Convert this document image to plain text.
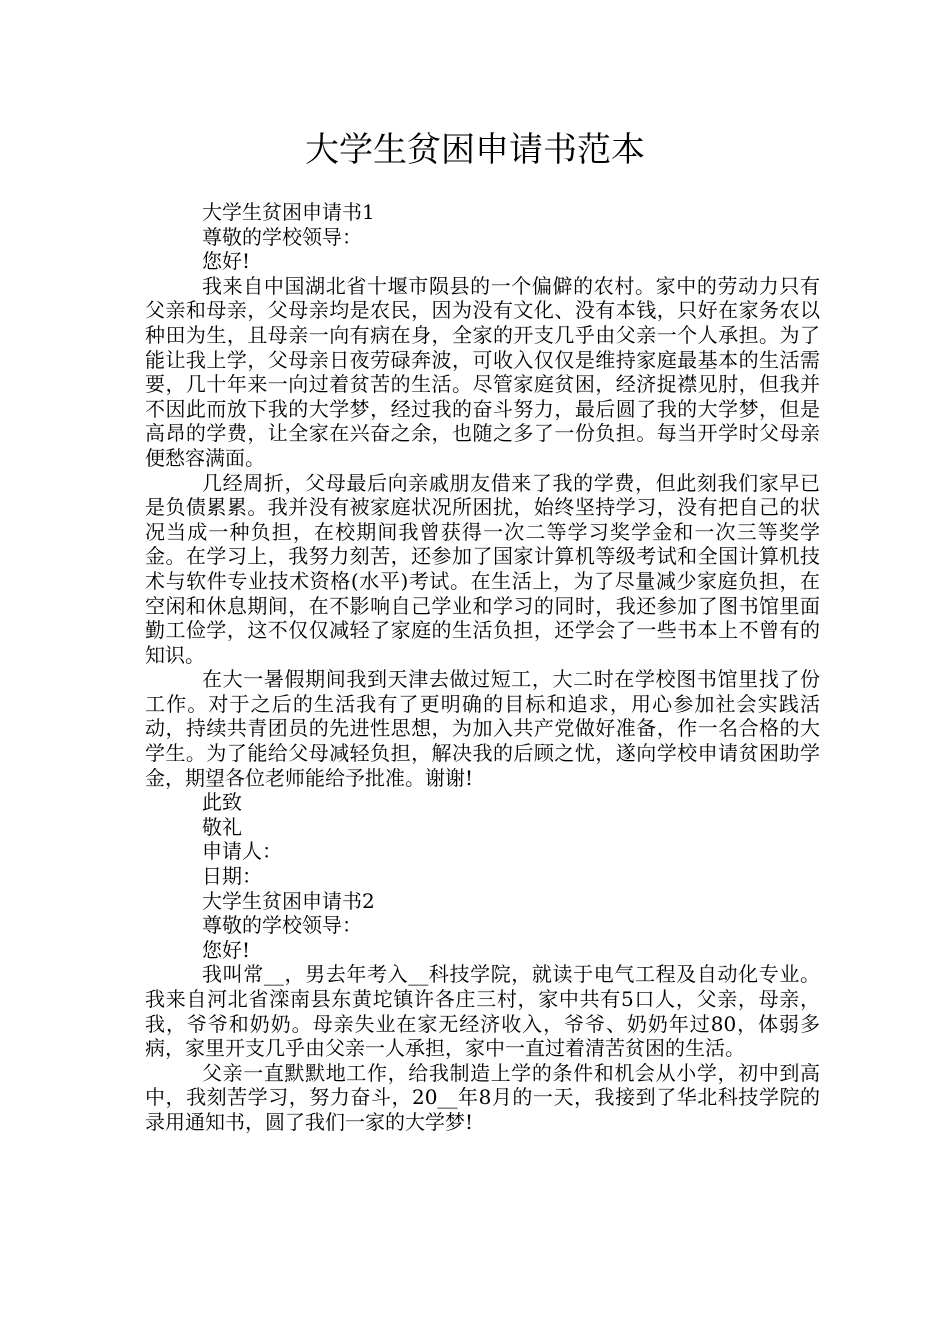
大学生贫困申请书范本

大学生贫困申请书1

尊敬的学校领导：

您好!

我来自中国湖北省十堰市陨县的一个偏僻的农村。家中的劳动力只有父亲和母亲，父母亲均是农民，因为没有文化、没有本钱，只好在家务农以种田为生，且母亲一向有病在身，全家的开支几乎由父亲一个人承担。为了能让我上学，父母亲日夜劳碌奔波，可收入仅仅是维持家庭最基本的生活需要，几十年来一向过着贫苦的生活。尽管家庭贫困，经济捉襟见肘，但我并不因此而放下我的大学梦，经过我的奋斗努力，最后圆了我的大学梦，但是高昂的学费，让全家在兴奋之余，也随之多了一份负担。每当开学时父母亲便愁容满面。

几经周折，父母最后向亲戚朋友借来了我的学费，但此刻我们家早已是负债累累。我并没有被家庭状况所困扰，始终坚持学习，没有把自己的状况当成一种负担，在校期间我曾获得一次二等学习奖学金和一次三等奖学金。在学习上，我努力刻苦，还参加了国家计算机等级考试和全国计算机技术与软件专业技术资格(水平)考试。在生活上，为了尽量减少家庭负担，在空闲和休息期间，在不影响自己学业和学习的同时，我还参加了图书馆里面勤工俭学，这不仅仅减轻了家庭的生活负担，还学会了一些书本上不曾有的知识。

在大一暑假期间我到天津去做过短工，大二时在学校图书馆里找了份工作。对于之后的生活我有了更明确的目标和追求，用心参加社会实践活动，持续共青团员的先进性思想，为加入共产党做好准备，作一名合格的大学生。为了能给父母减轻负担，解决我的后顾之忧，遂向学校申请贫困助学金，期望各位老师能给予批准。谢谢!

此致

敬礼

申请人：

日期：

大学生贫困申请书2

尊敬的学校领导：

您好!

我叫常__，男去年考入__科技学院，就读于电气工程及自动化专业。我来自河北省滦南县东黄坨镇许各庄三村，家中共有5口人，父亲，母亲，我，爷爷和奶奶。母亲失业在家无经济收入，爷爷、奶奶年过80，体弱多病，家里开支几乎由父亲一人承担，家中一直过着清苦贫困的生活。

父亲一直默默地工作，给我制造上学的条件和机会从小学，初中到高中，我刻苦学习，努力奋斗，20__年8月的一天，我接到了华北科技学院的录用通知书，圆了我们一家的大学梦!
